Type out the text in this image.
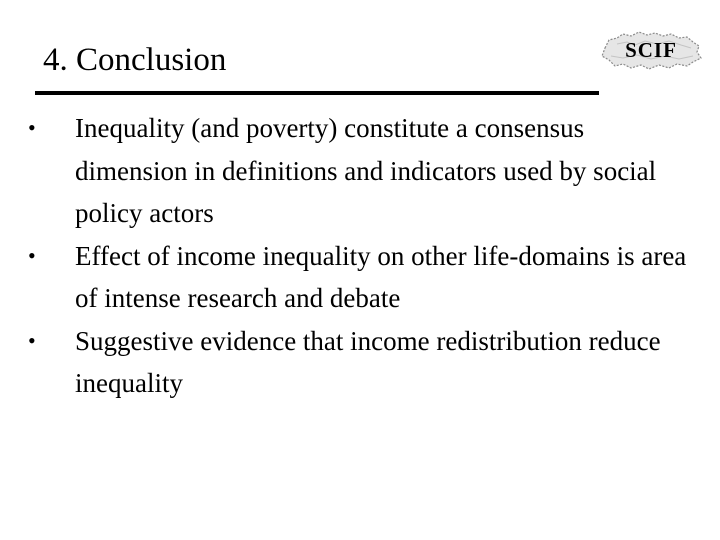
4. Conclusion	SCIF
• Inequality (and poverty) constitute a consensus dimension in definitions and indicators used by social policy actors
• Effect of income inequality on other life-domains is area of intense research and debate
• Suggestive evidence that income redistribution reduce inequality
